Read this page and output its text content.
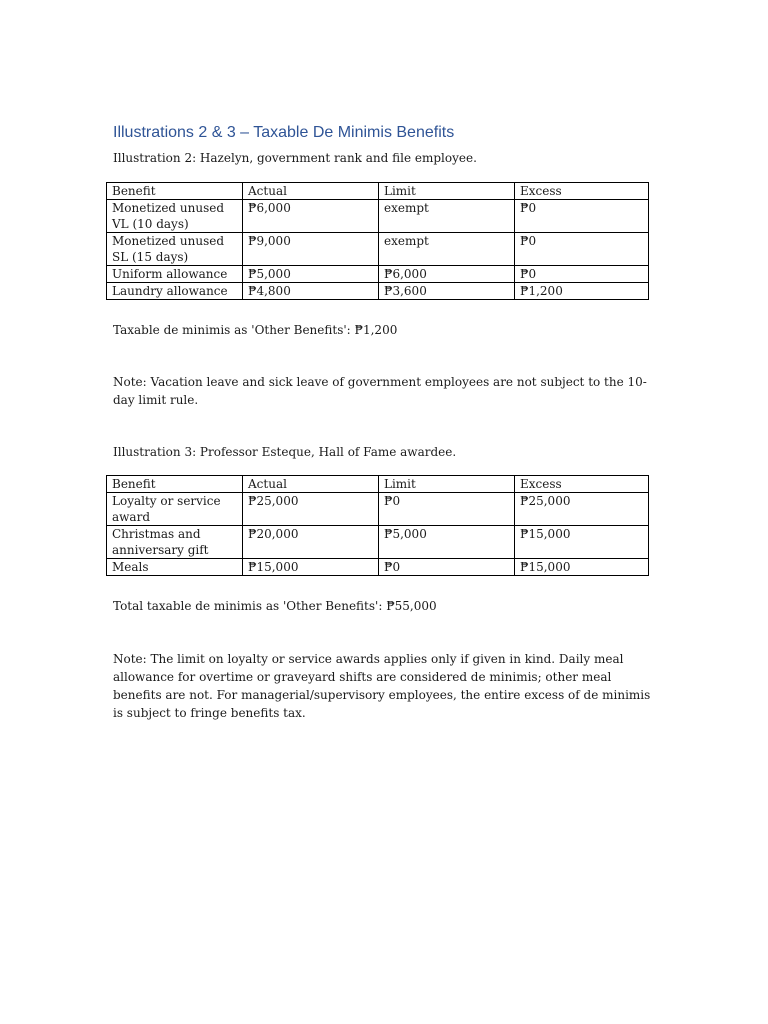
Illustrations 2 & 3 – Taxable De Minimis Benefits

Illustration 2: Hazelyn, government rank and file employee.

Benefit	Actual	Limit	Excess
Monetized unused VL (10 days)	₱6,000	exempt	₱0
Monetized unused SL (15 days)	₱9,000	exempt	₱0
Uniform allowance	₱5,000	₱6,000	₱0
Laundry allowance	₱4,800	₱3,600	₱1,200

Taxable de minimis as 'Other Benefits': ₱1,200

Note: Vacation leave and sick leave of government employees are not subject to the 10-day limit rule.

Illustration 3: Professor Esteque, Hall of Fame awardee.

Benefit	Actual	Limit	Excess
Loyalty or service award	₱25,000	₱0	₱25,000
Christmas and anniversary gift	₱20,000	₱5,000	₱15,000
Meals	₱15,000	₱0	₱15,000

Total taxable de minimis as 'Other Benefits': ₱55,000

Note: The limit on loyalty or service awards applies only if given in kind. Daily meal allowance for overtime or graveyard shifts are considered de minimis; other meal benefits are not. For managerial/supervisory employees, the entire excess of de minimis is subject to fringe benefits tax.
